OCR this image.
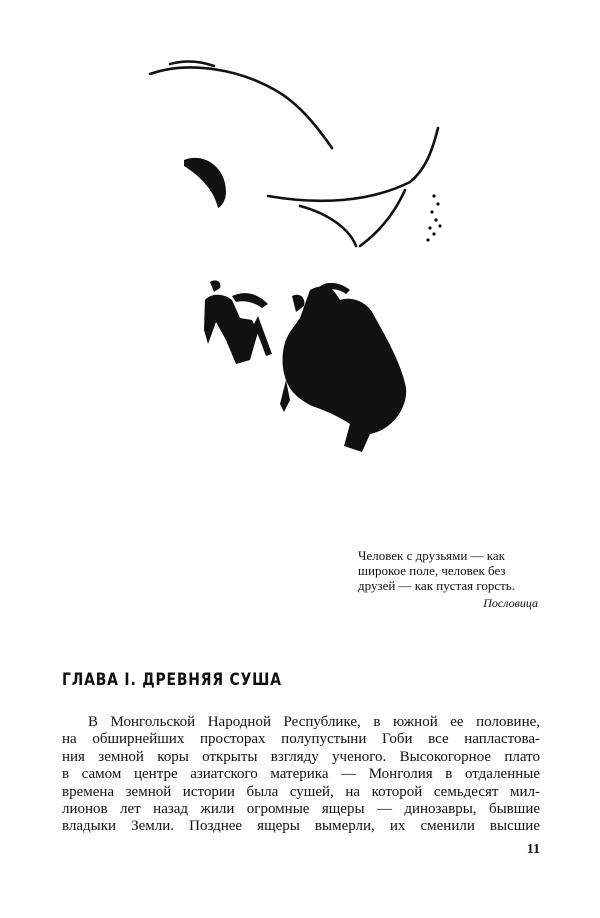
Человек с друзьями — как
широкое поле, человек без
друзей — как пустая горсть.
Пословица
ГЛАВА I. ДРЕВНЯЯ СУША
В Монгольской Народной Республике, в южной ее половине,
на обширнейших просторах полупустыни Гоби все напластова-
ния земной коры открыты взгляду ученого. Высокогорное плато
в самом центре азиатского материка — Монголия в отдаленные
времена земной истории была сушей, на которой семьдесят мил-
лионов лет назад жили огромные ящеры — динозавры, бывшие
владыки Земли. Позднее ящеры вымерли, их сменили высшие
11
